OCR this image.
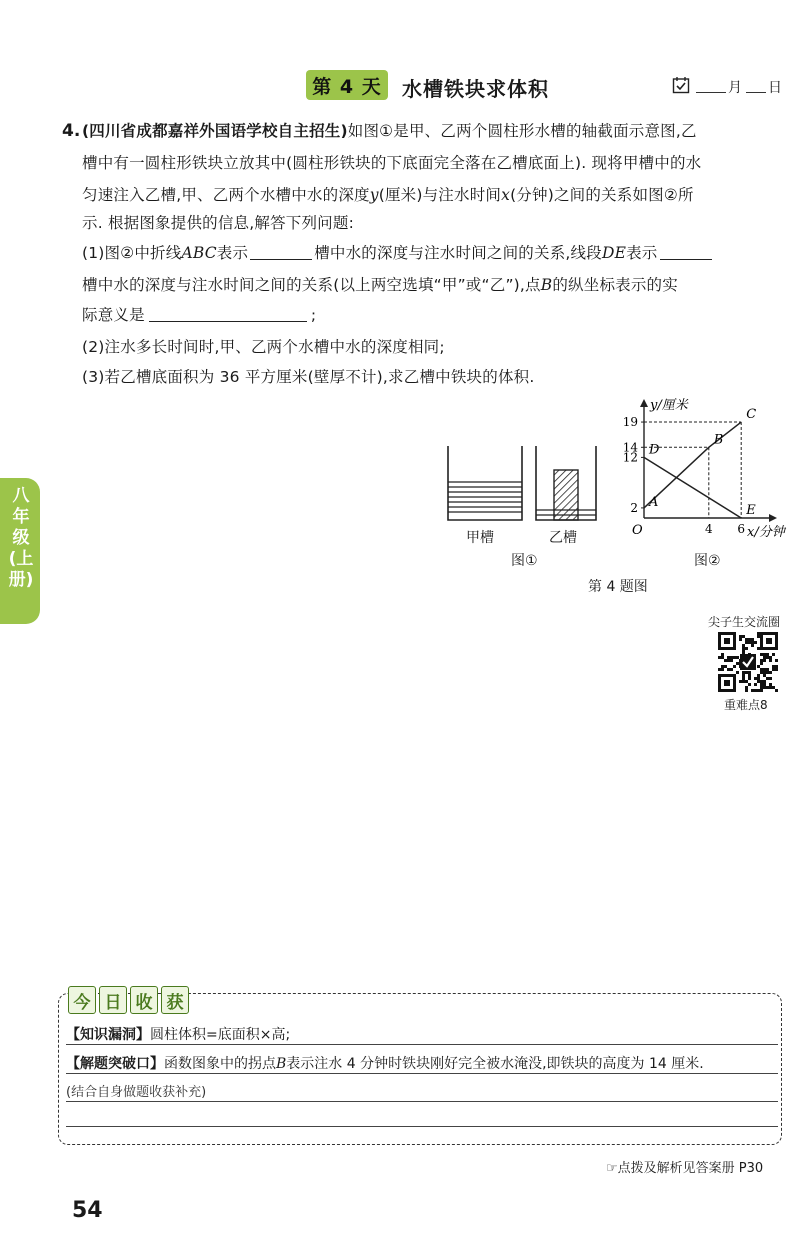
第 4 天	水槽铁块求体积	月 日
4. (四川省成都嘉祥外国语学校自主招生)如图①是甲、乙两个圆柱形水槽的轴截面示意图,乙
槽中有一圆柱形铁块立放其中(圆柱形铁块的下底面完全落在乙槽底面上). 现将甲槽中的水
匀速注入乙槽,甲、乙两个水槽中水的深度y(厘米)与注水时间x(分钟)之间的关系如图②所
示. 根据图象提供的信息,解答下列问题:
(1)图②中折线ABC表示	槽中水的深度与注水时间之间的关系,线段DE表示
槽中水的深度与注水时间之间的关系(以上两空选填“甲”或“乙”),点B的纵坐标表示的实
际意义是	;
(2)注水多长时间时,甲、乙两个水槽中水的深度相同;
(3)若乙槽底面积为 36 平方厘米(壁厚不计),求乙槽中铁块的体积.
八年级(上册)
甲槽	乙槽
图①
A
B
C
D
E
2
12
14
19
4 6
y/厘米
x/分钟
O
图②
第 4 题图
尖子生交流圈
重难点8
今 日 收 获
【知识漏洞】圆柱体积=底面积×高;
【解题突破口】函数图象中的拐点B表示注水 4 分钟时铁块刚好完全被水淹没,即铁块的高度为 14 厘米.
(结合自身做题收获补充)
☞点拨及解析见答案册 P30
54
